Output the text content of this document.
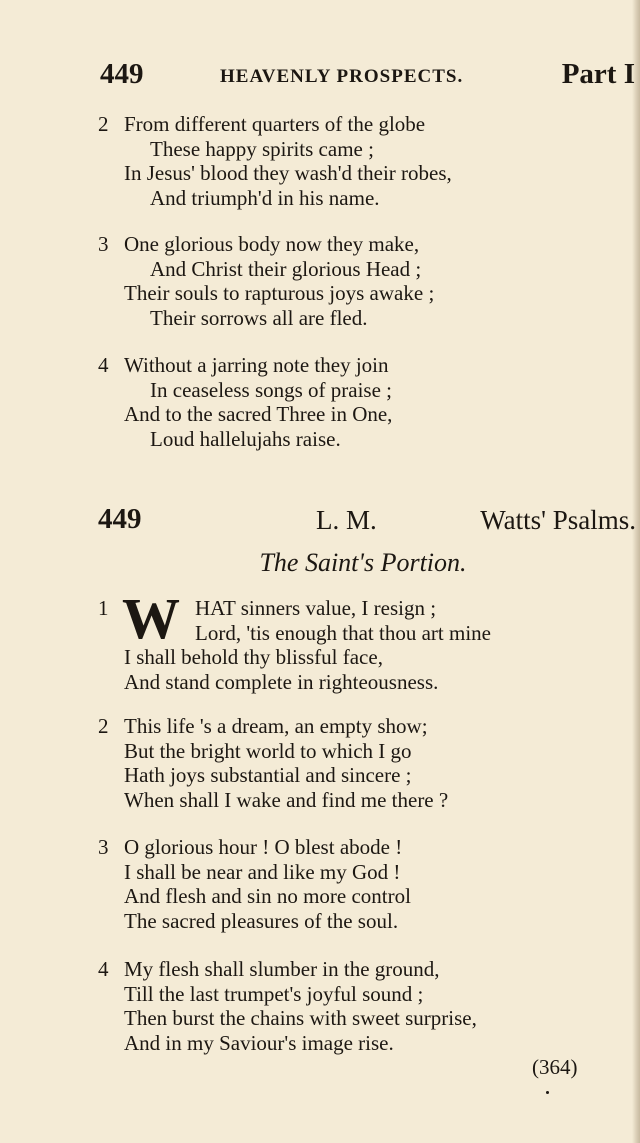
449	HEAVENLY PROSPECTS.	Part I
2 From different quarters of the globe
These happy spirits came ;
In Jesus' blood they wash'd their robes,
And triumph'd in his name.
3 One glorious body now they make,
And Christ their glorious Head ;
Their souls to rapturous joys awake ;
Their sorrows all are fled.
4 Without a jarring note they join
In ceaseless songs of praise ;
And to the sacred Three in One,
Loud hallelujahs raise.
449	L. M.	Watts' Psalms.
The Saint's Portion.
1	HAT sinners value, I resign ;
Lord, 'tis enough that thou art mine
I shall behold thy blissful face,
And stand complete in righteousness.
W
2 This life 's a dream, an empty show;
But the bright world to which I go
Hath joys substantial and sincere ;
When shall I wake and find me there ?
3 O glorious hour ! O blest abode !
I shall be near and like my God !
And flesh and sin no more control
The sacred pleasures of the soul.
4 My flesh shall slumber in the ground,
Till the last trumpet's joyful sound ;
Then burst the chains with sweet surprise,
And in my Saviour's image rise.
(364)
